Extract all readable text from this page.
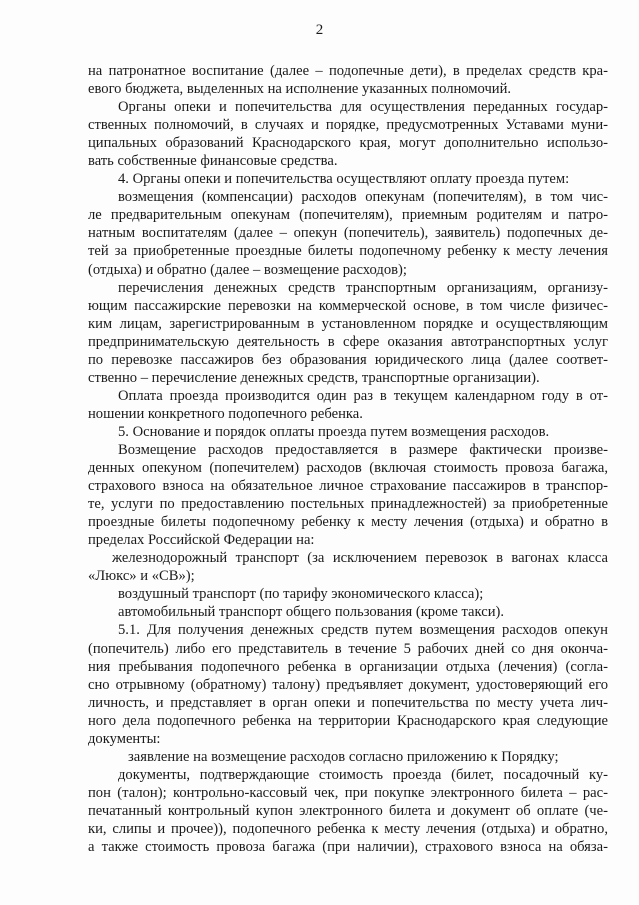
2
на патронатное воспитание (далее – подопечные дети), в пределах средств кра-
евого бюджета, выделенных на исполнение указанных полномочий.
Органы опеки и попечительства для осуществления переданных государ-
ственных полномочий, в случаях и порядке, предусмотренных Уставами муни-
ципальных образований Краснодарского края, могут дополнительно использо-
вать собственные финансовые средства.
4. Органы опеки и попечительства осуществляют оплату проезда путем:
возмещения (компенсации) расходов опекунам (попечителям), в том чис-
ле предварительным опекунам (попечителям), приемным родителям и патро-
натным воспитателям (далее – опекун (попечитель), заявитель) подопечных де-
тей за приобретенные проездные билеты подопечному ребенку к месту лечения
(отдыха) и обратно (далее – возмещение расходов);
перечисления денежных средств транспортным организациям, организу-
ющим пассажирские перевозки на коммерческой основе, в том числе физичес-
ким лицам, зарегистрированным в установленном порядке и осуществляющим
предпринимательскую деятельность в сфере оказания автотранспортных услуг
по перевозке пассажиров без образования юридического лица (далее соответ-
ственно – перечисление денежных средств, транспортные организации).
Оплата проезда производится один раз в текущем календарном году в от-
ношении конкретного подопечного ребенка.
5. Основание и порядок оплаты проезда путем возмещения расходов.
Возмещение расходов предоставляется в размере фактически произве-
денных опекуном (попечителем) расходов (включая стоимость провоза багажа,
страхового взноса на обязательное личное страхование пассажиров в транспор-
те, услуги по предоставлению постельных принадлежностей) за приобретенные
проездные билеты подопечному ребенку к месту лечения (отдыха) и обратно в
пределах Российской Федерации на:
железнодорожный транспорт (за исключением перевозок в вагонах класса
«Люкс» и «СВ»);
воздушный транспорт (по тарифу экономического класса);
автомобильный транспорт общего пользования (кроме такси).
5.1. Для получения денежных средств путем возмещения расходов опекун
(попечитель) либо его представитель в течение 5 рабочих дней со дня оконча-
ния пребывания подопечного ребенка в организации отдыха (лечения) (согла-
сно отрывному (обратному) талону) предъявляет документ, удостоверяющий его
личность, и представляет в орган опеки и попечительства по месту учета лич-
ного дела подопечного ребенка на территории Краснодарского края следующие
документы:
заявление на возмещение расходов согласно приложению к Порядку;
документы, подтверждающие стоимость проезда (билет, посадочный ку-
пон (талон); контрольно-кассовый чек, при покупке электронного билета – рас-
печатанный контрольный купон электронного билета и документ об оплате (че-
ки, слипы и прочее)), подопечного ребенка к месту лечения (отдыха) и обратно,
а также стоимость провоза багажа (при наличии), страхового взноса на обяза-
